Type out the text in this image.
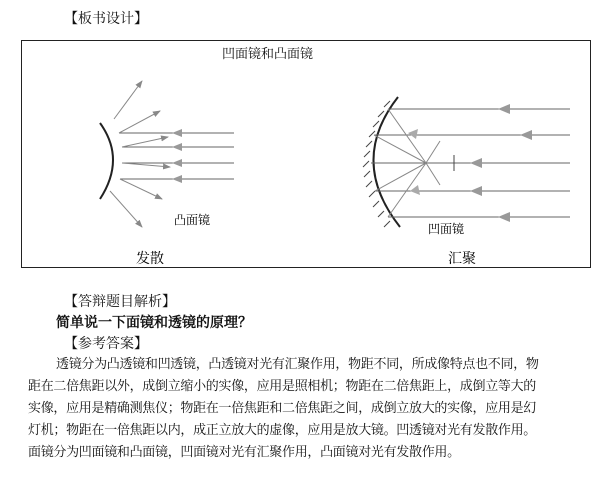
【板书设计】
凹面镜和凸面镜
凸面镜
凹面镜
发散	汇聚
【答辩题目解析】
简单说一下面镜和透镜的原理？
【参考答案】
透镜分为凸透镜和凹透镜，凸透镜对光有汇聚作用，物距不同，所成像特点也不同，物
距在二倍焦距以外，成倒立缩小的实像，应用是照相机；物距在二倍焦距上，成倒立等大的
实像，应用是精确测焦仪；物距在一倍焦距和二倍焦距之间，成倒立放大的实像，应用是幻
灯机；物距在一倍焦距以内，成正立放大的虚像，应用是放大镜。凹透镜对光有发散作用。
面镜分为凹面镜和凸面镜，凹面镜对光有汇聚作用，凸面镜对光有发散作用。
